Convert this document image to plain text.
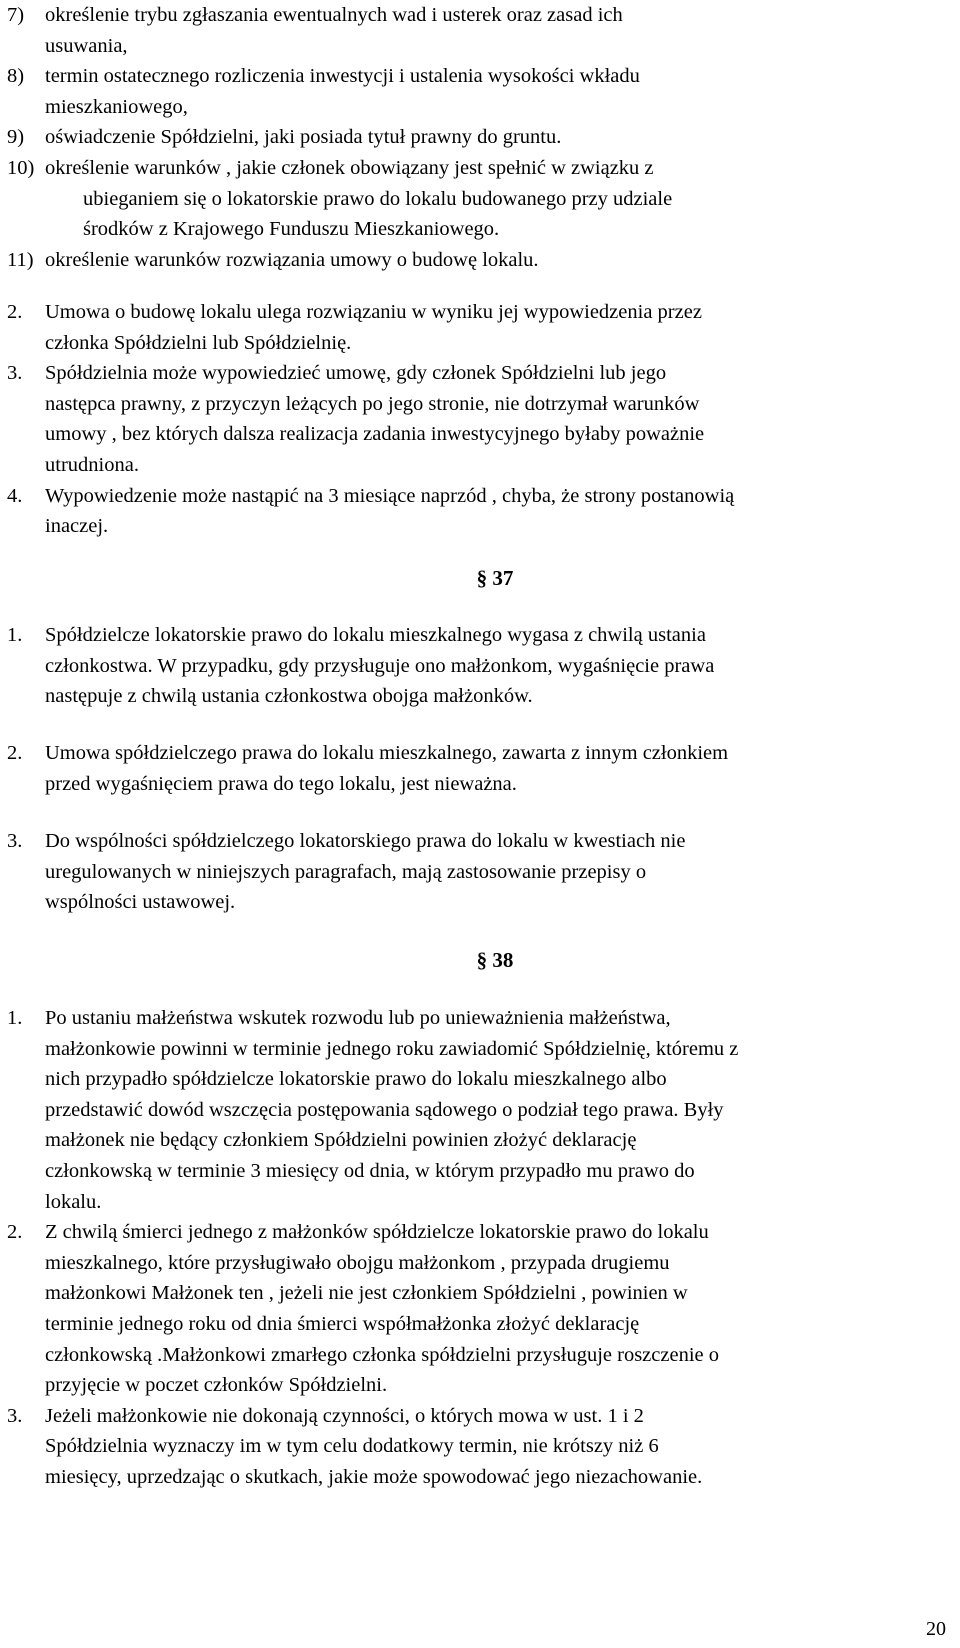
7) określenie trybu zgłaszania ewentualnych wad i usterek oraz zasad ich
usuwania,
8) termin ostatecznego rozliczenia inwestycji i ustalenia wysokości wkładu
mieszkaniowego,
9) oświadczenie Spółdzielni, jaki posiada tytuł prawny do gruntu.
10) określenie warunków , jakie członek obowiązany jest spełnić w związku z
ubieganiem się o lokatorskie prawo do lokalu budowanego przy udziale
środków z Krajowego Funduszu Mieszkaniowego.
11) określenie warunków rozwiązania umowy o budowę lokalu.
2. Umowa o budowę lokalu ulega rozwiązaniu w wyniku jej wypowiedzenia przez
członka Spółdzielni lub Spółdzielnię.
3. Spółdzielnia może wypowiedzieć umowę, gdy członek Spółdzielni lub jego
następca prawny, z przyczyn leżących po jego stronie, nie dotrzymał warunków
umowy , bez których dalsza realizacja zadania inwestycyjnego byłaby poważnie
utrudniona.
4. Wypowiedzenie może nastąpić na 3 miesiące naprzód , chyba, że strony postanowią
inaczej.
§ 37
1. Spółdzielcze lokatorskie prawo do lokalu mieszkalnego wygasa z chwilą ustania
członkostwa. W przypadku, gdy przysługuje ono małżonkom, wygaśnięcie prawa
następuje z chwilą ustania członkostwa obojga małżonków.
2. Umowa spółdzielczego prawa do lokalu mieszkalnego, zawarta z innym członkiem
przed wygaśnięciem prawa do tego lokalu, jest nieważna.
3. Do wspólności spółdzielczego lokatorskiego prawa do lokalu w kwestiach nie
uregulowanych w niniejszych paragrafach, mają zastosowanie przepisy o
wspólności ustawowej.
§ 38
1. Po ustaniu małżeństwa wskutek rozwodu lub po unieważnienia małżeństwa,
małżonkowie powinni w terminie jednego roku zawiadomić Spółdzielnię, któremu z
nich przypadło spółdzielcze lokatorskie prawo do lokalu mieszkalnego albo
przedstawić dowód wszczęcia postępowania sądowego o podział tego prawa. Były
małżonek nie będący członkiem Spółdzielni powinien złożyć deklarację
członkowską w terminie 3 miesięcy od dnia, w którym przypadło mu prawo do
lokalu.
2. Z chwilą śmierci jednego z małżonków spółdzielcze lokatorskie prawo do lokalu
mieszkalnego, które przysługiwało obojgu małżonkom , przypada drugiemu
małżonkowi Małżonek ten , jeżeli nie jest członkiem Spółdzielni , powinien w
terminie jednego roku od dnia śmierci współmałżonka złożyć deklarację
członkowską .Małżonkowi zmarłego członka spółdzielni przysługuje roszczenie o
przyjęcie w poczet członków Spółdzielni.
3. Jeżeli małżonkowie nie dokonają czynności, o których mowa w ust. 1 i 2
Spółdzielnia wyznaczy im w tym celu dodatkowy termin, nie krótszy niż 6
miesięcy, uprzedzając o skutkach, jakie może spowodować jego niezachowanie.
20
